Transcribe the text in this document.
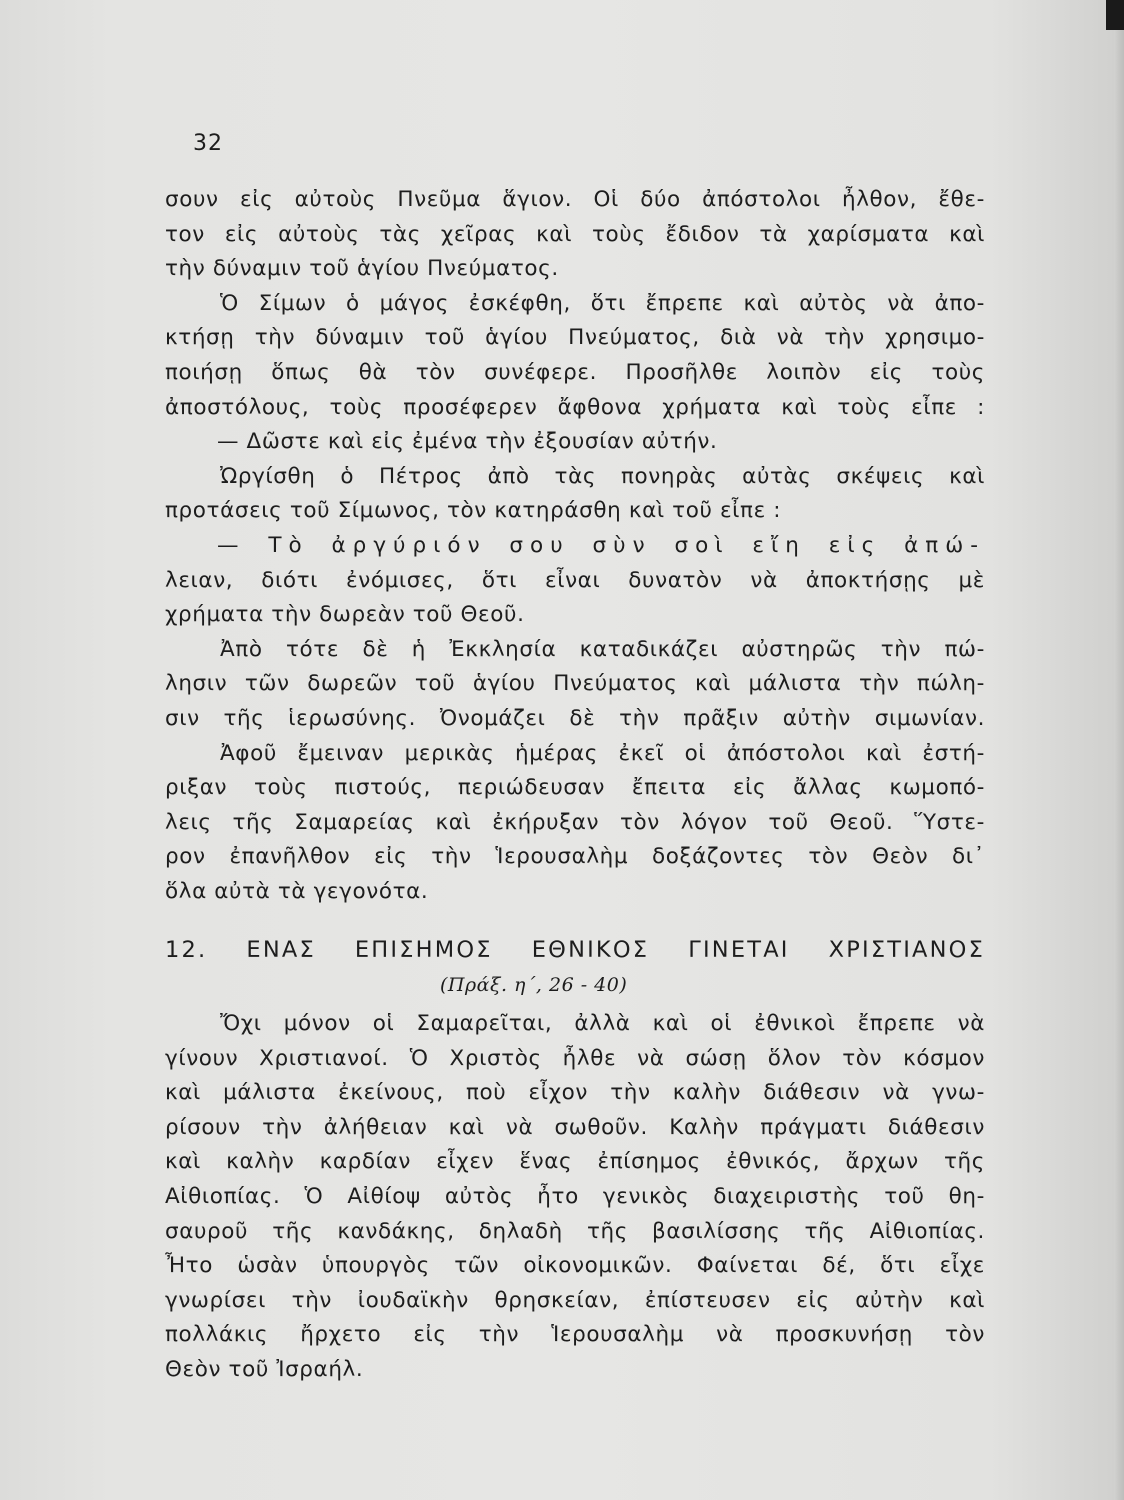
32
σουν εἰς αὐτοὺς Πνεῦμα ἅγιον. Οἱ δύο ἀπόστολοι ἦλθον, ἔθε-
τον εἰς αὐτοὺς τὰς χεῖρας καὶ τοὺς ἔδιδον τὰ χαρίσματα καὶ
τὴν δύναμιν τοῦ ἁγίου Πνεύματος.
Ὁ Σίμων ὁ μάγος ἐσκέφθη, ὅτι ἔπρεπε καὶ αὐτὸς νὰ ἀπο-
κτήσῃ τὴν δύναμιν τοῦ ἁγίου Πνεύματος, διὰ νὰ τὴν χρησιμο-
ποιήσῃ ὅπως θὰ τὸν συνέφερε. Προσῆλθε λοιπὸν εἰς τοὺς
ἀποστόλους, τοὺς προσέφερεν ἄφθονα χρήματα καὶ τοὺς εἶπε :
— Δῶστε καὶ εἰς ἐμένα τὴν ἐξουσίαν αὐτήν.
Ὠργίσθη ὁ Πέτρος ἀπὸ τὰς πονηρὰς αὐτὰς σκέψεις καὶ
προτάσεις τοῦ Σίμωνος, τὸν κατηράσθη καὶ τοῦ εἶπε :
— Τὸ ἀργύριόν σου σὺν σοὶ εἴη εἰς ἀπώ-
λειαν, διότι ἐνόμισες, ὅτι εἶναι δυνατὸν νὰ ἀποκτήσῃς μὲ
χρήματα τὴν δωρεὰν τοῦ Θεοῦ.
Ἀπὸ τότε δὲ ἡ Ἐκκλησία καταδικάζει αὐστηρῶς τὴν πώ-
λησιν τῶν δωρεῶν τοῦ ἁγίου Πνεύματος καὶ μάλιστα τὴν πώλη-
σιν τῆς ἱερωσύνης. Ὀνομάζει δὲ τὴν πρᾶξιν αὐτὴν σιμωνίαν.
Ἀφοῦ ἔμειναν μερικὰς ἡμέρας ἐκεῖ οἱ ἀπόστολοι καὶ ἐστή-
ριξαν τοὺς πιστούς, περιώδευσαν ἔπειτα εἰς ἄλλας κωμοπό-
λεις τῆς Σαμαρείας καὶ ἐκήρυξαν τὸν λόγον τοῦ Θεοῦ. Ὕστε-
ρον ἐπανῆλθον εἰς τὴν Ἱερουσαλὴμ δοξάζοντες τὸν Θεὸν δι᾽
ὅλα αὐτὰ τὰ γεγονότα.
12. ΕΝΑΣ ΕΠΙΣΗΜΟΣ ΕΘΝΙΚΟΣ ΓΙΝΕΤΑΙ ΧΡΙΣΤΙΑΝΟΣ
(Πράξ. η΄, 26 - 40)
Ὄχι μόνον οἱ Σαμαρεῖται, ἀλλὰ καὶ οἱ ἐθνικοὶ ἔπρεπε νὰ
γίνουν Χριστιανοί. Ὁ Χριστὸς ἦλθε νὰ σώσῃ ὅλον τὸν κόσμον
καὶ μάλιστα ἐκείνους, ποὺ εἶχον τὴν καλὴν διάθεσιν νὰ γνω-
ρίσουν τὴν ἀλήθειαν καὶ νὰ σωθοῦν. Καλὴν πράγματι διάθεσιν
καὶ καλὴν καρδίαν εἶχεν ἕνας ἐπίσημος ἐθνικός, ἄρχων τῆς
Αἰθιοπίας. Ὁ Αἰθίοψ αὐτὸς ἦτο γενικὸς διαχειριστὴς τοῦ θη-
σαυροῦ τῆς κανδάκης, δηλαδὴ τῆς βασιλίσσης τῆς Αἰθιοπίας.
Ἦτο ὡσὰν ὑπουργὸς τῶν οἰκονομικῶν. Φαίνεται δέ, ὅτι εἶχε
γνωρίσει τὴν ἰουδαϊκὴν θρησκείαν, ἐπίστευσεν εἰς αὐτὴν καὶ
πολλάκις ἤρχετο εἰς τὴν Ἱερουσαλὴμ νὰ προσκυνήσῃ τὸν
Θεὸν τοῦ Ἰσραήλ.
